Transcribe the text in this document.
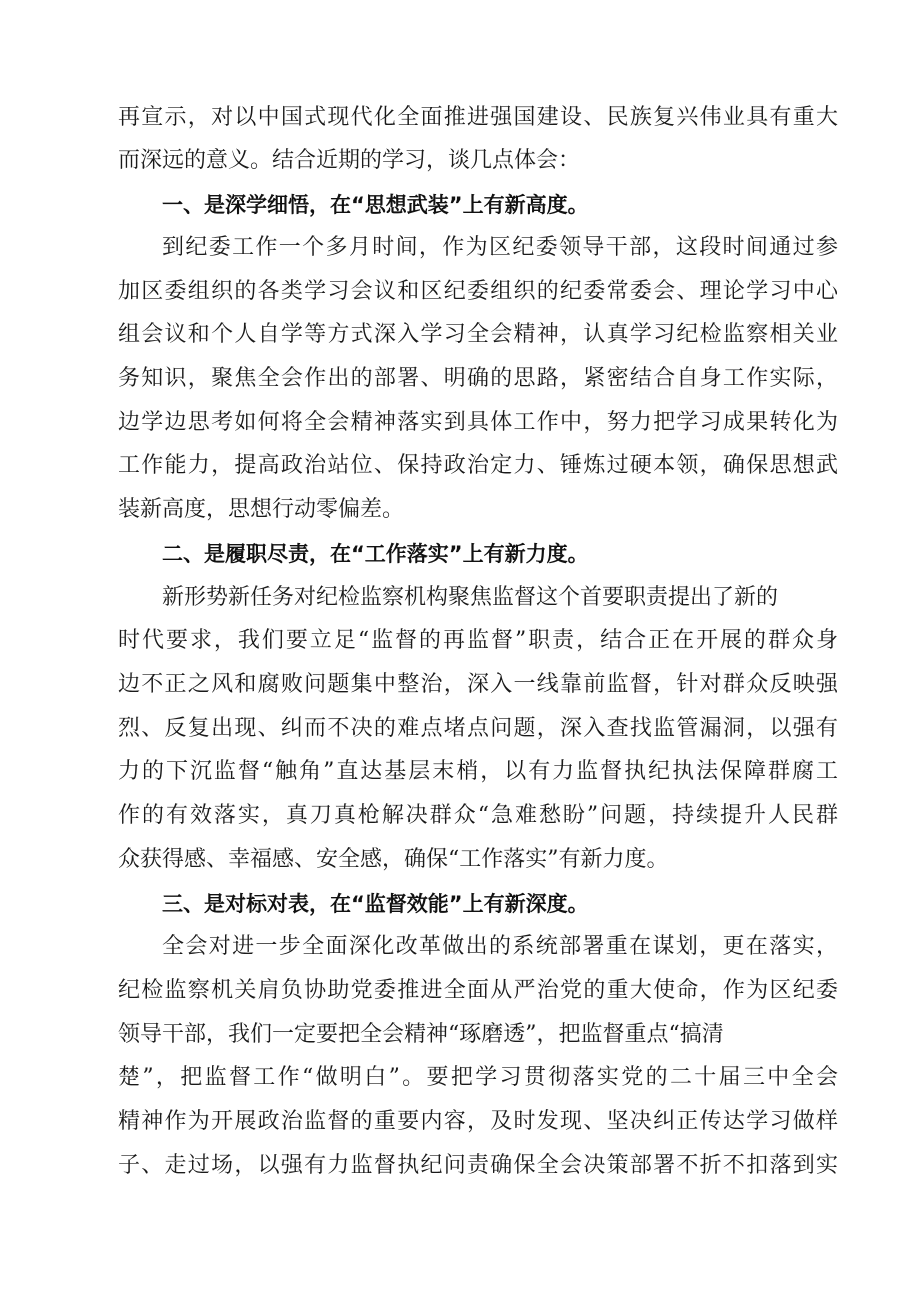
再宣示，对以中国式现代化全面推进强国建设、民族复兴伟业具有重大
而深远的意义。结合近期的学习，谈几点体会：
一、是深学细悟，在“思想武装”上有新高度。
到纪委工作一个多月时间，作为区纪委领导干部，这段时间通过参
加区委组织的各类学习会议和区纪委组织的纪委常委会、理论学习中心
组会议和个人自学等方式深入学习全会精神，认真学习纪检监察相关业
务知识，聚焦全会作出的部署、明确的思路，紧密结合自身工作实际，
边学边思考如何将全会精神落实到具体工作中，努力把学习成果转化为
工作能力，提高政治站位、保持政治定力、锤炼过硬本领，确保思想武
装新高度，思想行动零偏差。
二、是履职尽责，在“工作落实”上有新力度。
新形势新任务对纪检监察机构聚焦监督这个首要职责提出了新的
时代要求，我们要立足“监督的再监督”职责，结合正在开展的群众身
边不正之风和腐败问题集中整治，深入一线靠前监督，针对群众反映强
烈、反复出现、纠而不决的难点堵点问题，深入查找监管漏洞，以强有
力的下沉监督“触角”直达基层末梢，以有力监督执纪执法保障群腐工
作的有效落实，真刀真枪解决群众“急难愁盼”问题，持续提升人民群
众获得感、幸福感、安全感，确保“工作落实”有新力度。
三、是对标对表，在“监督效能”上有新深度。
全会对进一步全面深化改革做出的系统部署重在谋划，更在落实，
纪检监察机关肩负协助党委推进全面从严治党的重大使命，作为区纪委
领导干部，我们一定要把全会精神“琢磨透”，把监督重点“搞清
楚”，把监督工作“做明白”。要把学习贯彻落实党的二十届三中全会
精神作为开展政治监督的重要内容，及时发现、坚决纠正传达学习做样
子、走过场，以强有力监督执纪问责确保全会决策部署不折不扣落到实
